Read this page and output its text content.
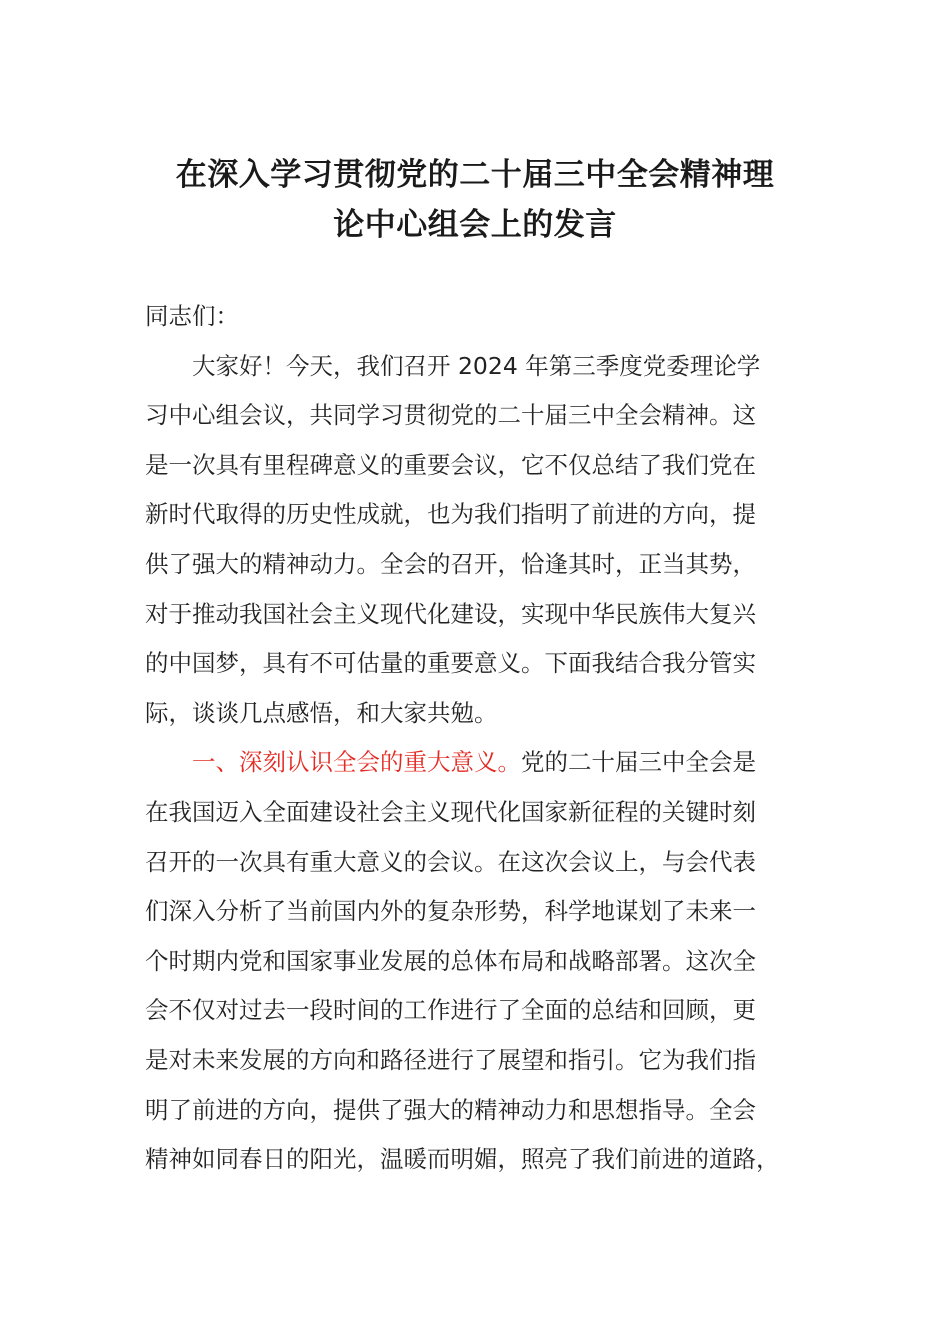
在深入学习贯彻党的二十届三中全会精神理
论中心组会上的发言
同志们：
大家好！今天，我们召开 2024 年第三季度党委理论学
习中心组会议，共同学习贯彻党的二十届三中全会精神。这
是一次具有里程碑意义的重要会议，它不仅总结了我们党在
新时代取得的历史性成就，也为我们指明了前进的方向，提
供了强大的精神动力。全会的召开，恰逢其时，正当其势，
对于推动我国社会主义现代化建设，实现中华民族伟大复兴
的中国梦，具有不可估量的重要意义。下面我结合我分管实
际，谈谈几点感悟，和大家共勉。
一、深刻认识全会的重大意义。党的二十届三中全会是
在我国迈入全面建设社会主义现代化国家新征程的关键时刻
召开的一次具有重大意义的会议。在这次会议上，与会代表
们深入分析了当前国内外的复杂形势，科学地谋划了未来一
个时期内党和国家事业发展的总体布局和战略部署。这次全
会不仅对过去一段时间的工作进行了全面的总结和回顾，更
是对未来发展的方向和路径进行了展望和指引。它为我们指
明了前进的方向，提供了强大的精神动力和思想指导。全会
精神如同春日的阳光，温暖而明媚，照亮了我们前进的道路，
